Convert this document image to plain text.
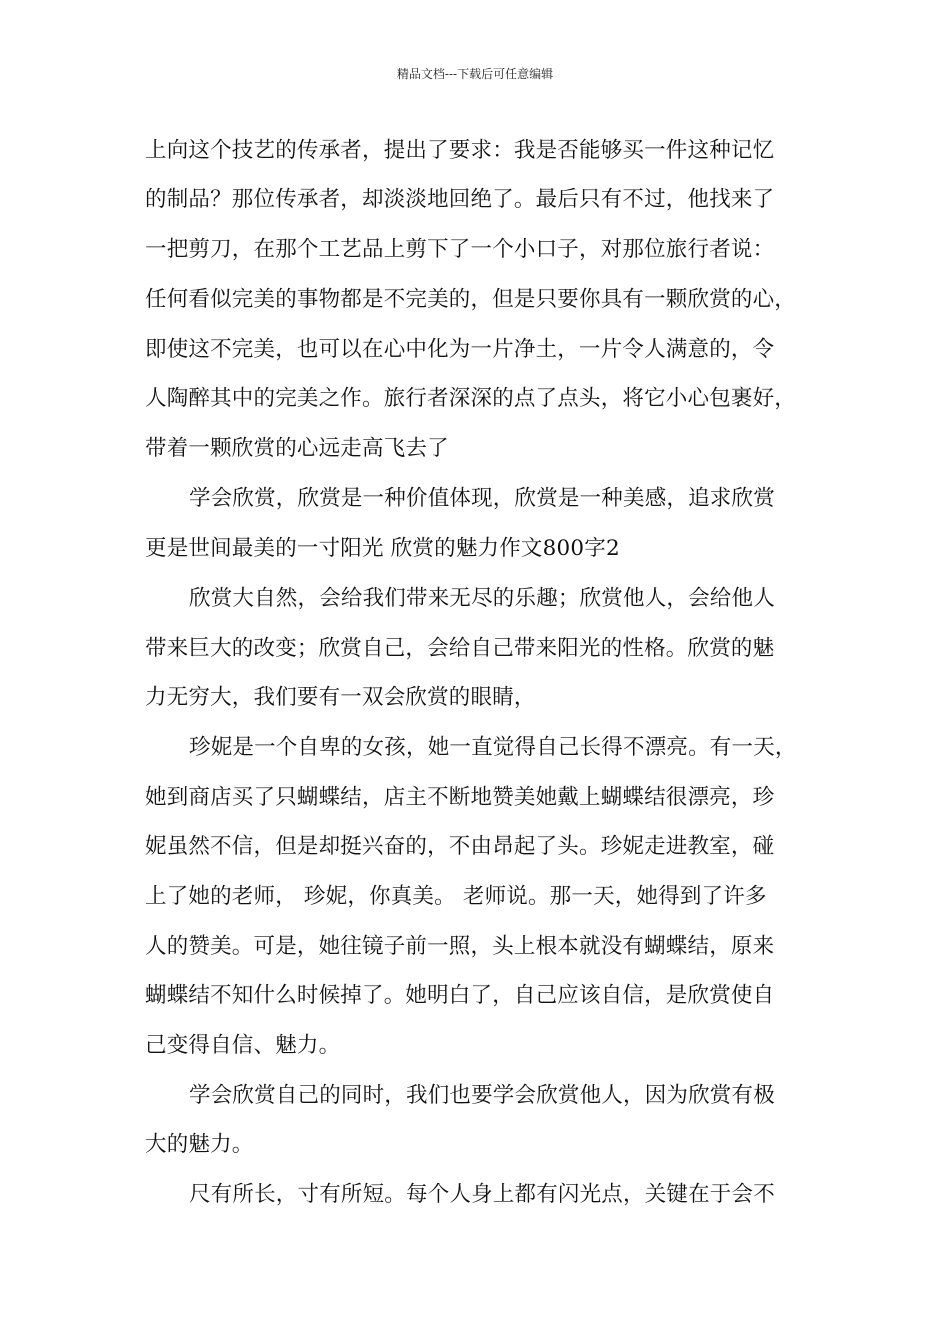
精品文档---下载后可任意编辑
上向这个技艺的传承者，提出了要求：我是否能够买一件这种记忆
的制品？那位传承者，却淡淡地回绝了。最后只有不过，他找来了
一把剪刀，在那个工艺品上剪下了一个小口子，对那位旅行者说：
任何看似完美的事物都是不完美的，但是只要你具有一颗欣赏的心，
即使这不完美，也可以在心中化为一片净土，一片令人满意的，令
人陶醉其中的完美之作。旅行者深深的点了点头，将它小心包裹好，
带着一颗欣赏的心远走高飞去了
学会欣赏，欣赏是一种价值体现，欣赏是一种美感，追求欣赏
更是世间最美的一寸阳光 欣赏的魅力作文800字2
欣赏大自然，会给我们带来无尽的乐趣；欣赏他人，会给他人
带来巨大的改变；欣赏自己，会给自己带来阳光的性格。欣赏的魅
力无穷大，我们要有一双会欣赏的眼睛，
珍妮是一个自卑的女孩，她一直觉得自己长得不漂亮。有一天，
她到商店买了只蝴蝶结，店主不断地赞美她戴上蝴蝶结很漂亮，珍
妮虽然不信，但是却挺兴奋的，不由昂起了头。珍妮走进教室，碰
上了她的老师， 珍妮，你真美。 老师说。那一天，她得到了许多
人的赞美。可是，她往镜子前一照，头上根本就没有蝴蝶结，原来
蝴蝶结不知什么时候掉了。她明白了，自己应该自信，是欣赏使自
己变得自信、魅力。
学会欣赏自己的同时，我们也要学会欣赏他人，因为欣赏有极
大的魅力。
尺有所长，寸有所短。每个人身上都有闪光点，关键在于会不
